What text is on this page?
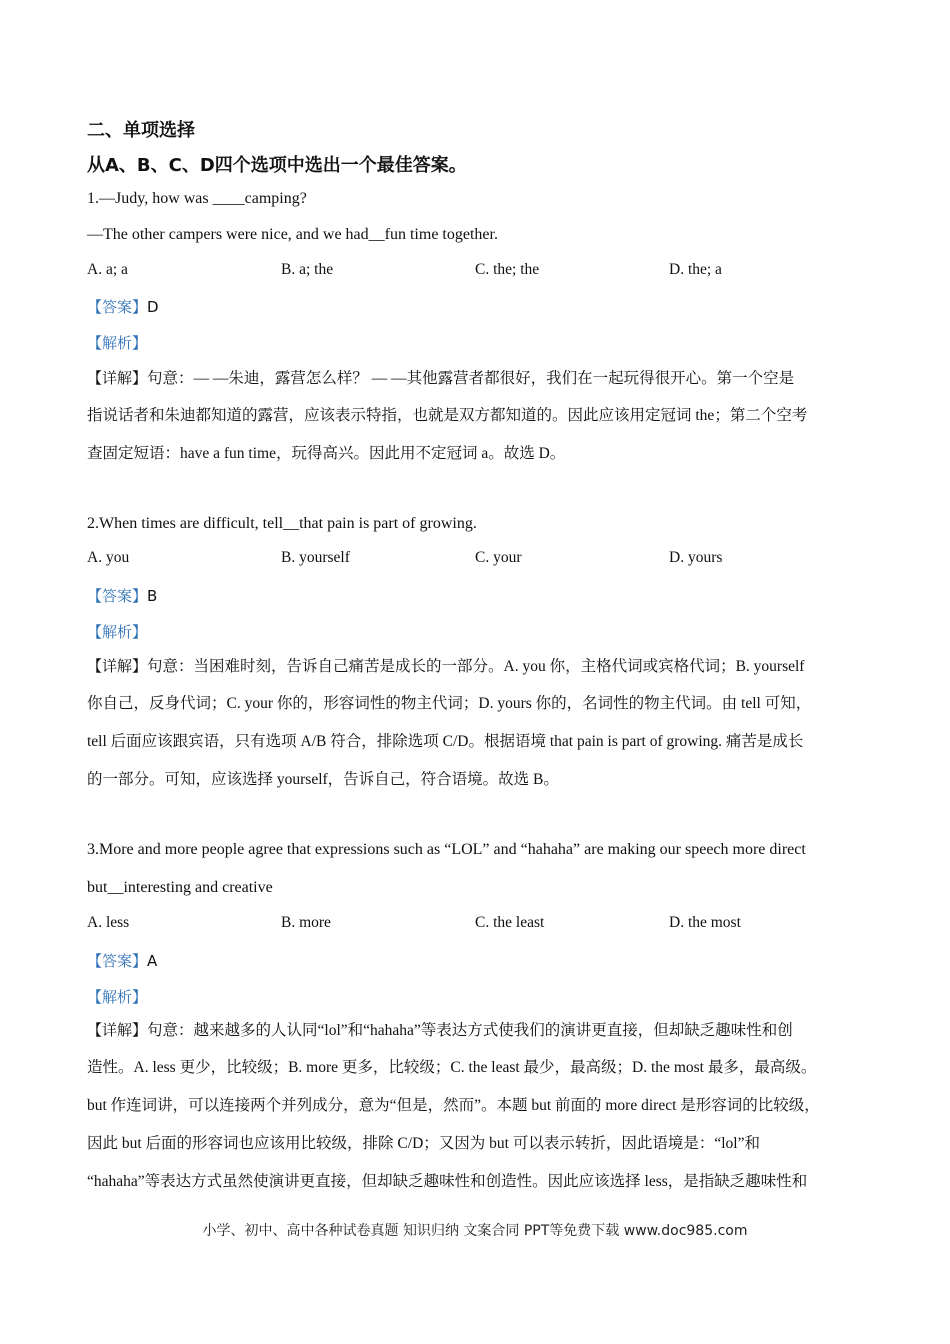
二、单项选择
从A、B、C、D四个选项中选出一个最佳答案。
1.—Judy, how was ____camping?
—The other campers were nice, and we had__fun time together.
A. a; a	B. a; the	C. the; the	D. the; a
【答案】D
【解析】
【详解】句意：— —朱迪，露营怎么样？ — —其他露营者都很好，我们在一起玩得很开心。第一个空是
指说话者和朱迪都知道的露营，应该表示特指，也就是双方都知道的。因此应该用定冠词 the；第二个空考
查固定短语：have a fun time，玩得高兴。因此用不定冠词 a。故选 D。
2.When times are difficult, tell__that pain is part of growing.
A. you	B. yourself	C. your	D. yours
【答案】B
【解析】
【详解】句意：当困难时刻，告诉自己痛苦是成长的一部分。A. you 你，主格代词或宾格代词；B. yourself
你自己，反身代词；C. your 你的，形容词性的物主代词；D. yours 你的，名词性的物主代词。由 tell 可知，
tell 后面应该跟宾语，只有选项 A/B 符合，排除选项 C/D。根据语境 that pain is part of growing. 痛苦是成长
的一部分。可知，应该选择 yourself，告诉自己，符合语境。故选 B。
3.More and more people agree that expressions such as “LOL” and “hahaha” are making our speech more direct
but__interesting and creative
A. less	B. more	C. the least	D. the most
【答案】A
【解析】
【详解】句意：越来越多的人认同“lol”和“hahaha”等表达方式使我们的演讲更直接，但却缺乏趣味性和创
造性。A. less 更少，比较级；B. more 更多，比较级；C. the least 最少，最高级；D. the most 最多，最高级。
but 作连词讲，可以连接两个并列成分，意为“但是，然而”。本题 but 前面的 more direct 是形容词的比较级，
因此 but 后面的形容词也应该用比较级，排除 C/D；又因为 but 可以表示转折，因此语境是：“lol”和
“hahaha”等表达方式虽然使演讲更直接，但却缺乏趣味性和创造性。因此应该选择 less，是指缺乏趣味性和
小学、初中、高中各种试卷真题 知识归纳 文案合同 PPT等免费下载 www.doc985.com
